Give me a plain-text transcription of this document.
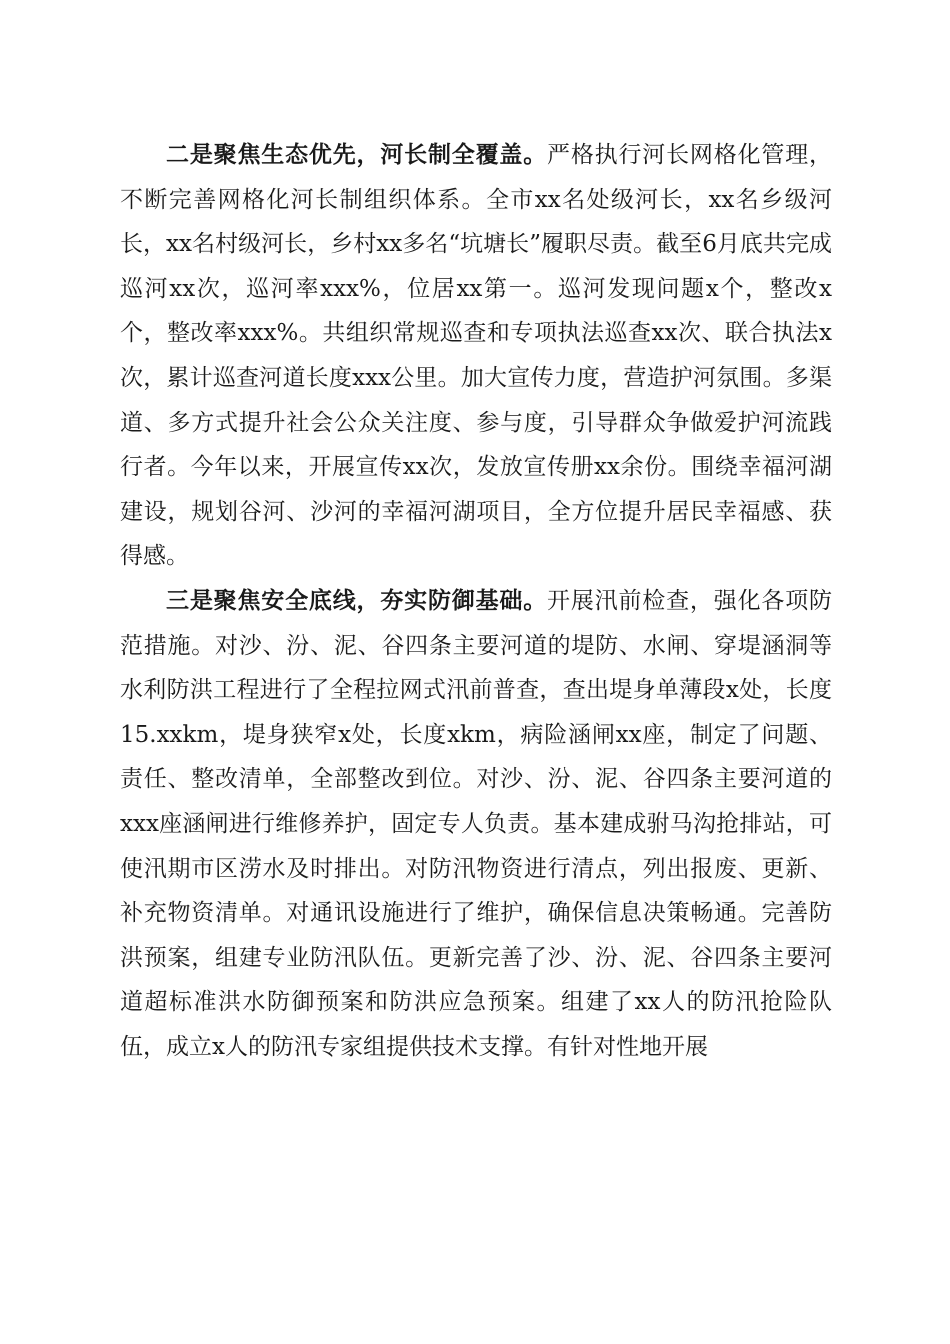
二是聚焦生态优先，河长制全覆盖。严格执行河长网格化管理，不断完善网格化河长制组织体系。全市xx名处级河长，xx名乡级河长，xx名村级河长，乡村xx多名“坑塘长”履职尽责。截至6月底共完成巡河xx次，巡河率xxx%，位居xx第一。巡河发现问题x个，整改x个，整改率xxx%。共组织常规巡查和专项执法巡查xx次、联合执法x次，累计巡查河道长度xxx公里。加大宣传力度，营造护河氛围。多渠道、多方式提升社会公众关注度、参与度，引导群众争做爱护河流践行者。今年以来，开展宣传xx次，发放宣传册xx余份。围绕幸福河湖建设，规划谷河、沙河的幸福河湖项目，全方位提升居民幸福感、获得感。

三是聚焦安全底线，夯实防御基础。开展汛前检查，强化各项防范措施。对沙、汾、泥、谷四条主要河道的堤防、水闸、穿堤涵洞等水利防洪工程进行了全程拉网式汛前普查，查出堤身单薄段x处，长度15.xxkm，堤身狭窄x处，长度xkm，病险涵闸xx座，制定了问题、责任、整改清单，全部整改到位。对沙、汾、泥、谷四条主要河道的xxx座涵闸进行维修养护，固定专人负责。基本建成驸马沟抢排站，可使汛期市区涝水及时排出。对防汛物资进行清点，列出报废、更新、补充物资清单。对通讯设施进行了维护，确保信息决策畅通。完善防洪预案，组建专业防汛队伍。更新完善了沙、汾、泥、谷四条主要河道超标准洪水防御预案和防洪应急预案。组建了xx人的防汛抢险队伍，成立x人的防汛专家组提供技术支撑。有针对性地开展
